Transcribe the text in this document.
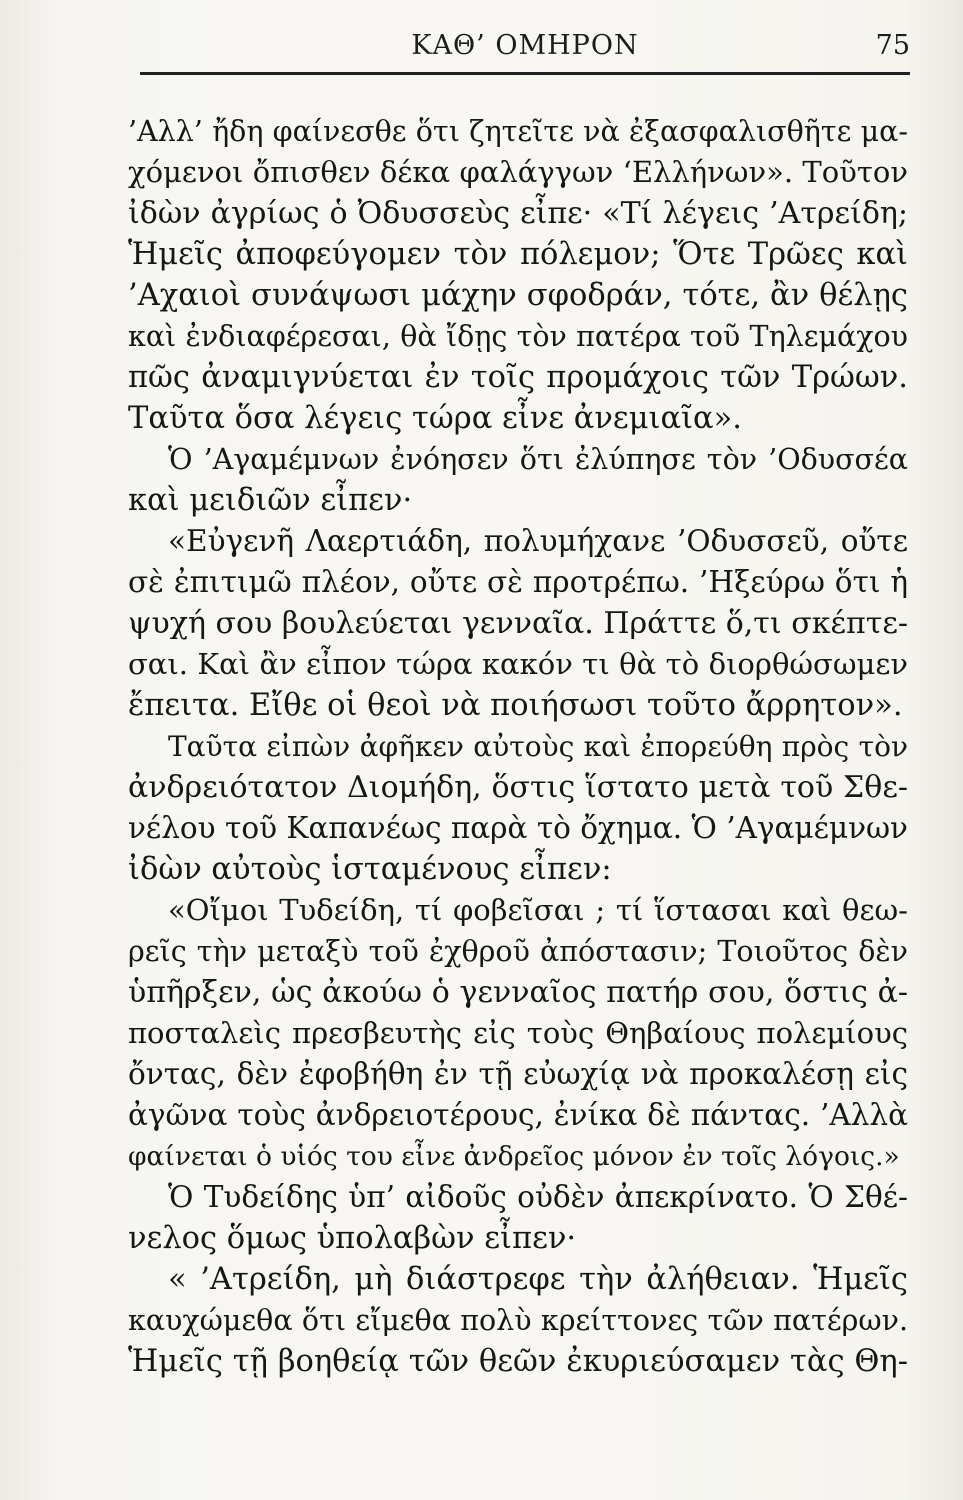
ΚΑΘ’ ΟΜΗΡΟΝ	75
’Αλλ’ ἤδη φαίνεσθε ὅτι ζητεῖτε νὰ ἐξασφαλισθῆτε μα-
χόμενοι ὄπισθεν δέκα φαλάγγων ‘Ελλήνων». Τοῦτον
ἰδὼν ἀγρίως ὁ Ὀδυσσεὺς εἶπε· «Τί λέγεις ’Ατρείδη;
Ἡμεῖς ἀποφεύγομεν τὸν πόλεμον; Ὅτε Τρῶες καὶ
’Αχαιοὶ συνάψωσι μάχην σφοδράν, τότε, ἂν θέλῃς
καὶ ἐνδιαφέρεσαι, θὰ ἴδῃς τὸν πατέρα τοῦ Τηλεμάχου
πῶς ἀναμιγνύεται ἐν τοῖς προμάχοις τῶν Τρώων.
Ταῦτα ὅσα λέγεις τώρα εἶνε ἀνεμιαῖα».
Ὁ ’Αγαμέμνων ἐνόησεν ὅτι ἐλύπησε τὸν ’Οδυσσέα
καὶ μειδιῶν εἶπεν·
«Εὐγενῆ Λαερτιάδη, πολυμήχανε ’Οδυσσεῦ, οὔτε
σὲ ἐπιτιμῶ πλέον, οὔτε σὲ προτρέπω. ’Ηξεύρω ὅτι ἡ
ψυχή σου βουλεύεται γενναῖα. Πράττε ὅ,τι σκέπτε-
σαι. Καὶ ἂν εἶπον τώρα κακόν τι θὰ τὸ διορθώσωμεν
ἔπειτα. Εἴθε οἱ θεοὶ νὰ ποιήσωσι τοῦτο ἄρρητον».
Ταῦτα εἰπὼν ἀφῆκεν αὐτοὺς καὶ ἐπορεύθη πρὸς τὸν
ἀνδρειότατον Διομήδη, ὅστις ἵστατο μετὰ τοῦ Σθε-
νέλου τοῦ Καπανέως παρὰ τὸ ὄχημα. Ὁ ’Αγαμέμνων
ἰδὼν αὐτοὺς ἱσταμένους εἶπεν:
«Οἴμοι Τυδείδη, τί φοβεῖσαι ; τί ἵστασαι καὶ θεω-
ρεῖς τὴν μεταξὺ τοῦ ἐχθροῦ ἀπόστασιν; Τοιοῦτος δὲν
ὑπῆρξεν, ὡς ἀκούω ὁ γενναῖος πατήρ σου, ὅστις ἀ-
ποσταλεὶς πρεσβευτὴς εἰς τοὺς Θηβαίους πολεμίους
ὄντας, δὲν ἐφοβήθη ἐν τῇ εὐωχίᾳ νὰ προκαλέσῃ εἰς
ἀγῶνα τοὺς ἀνδρειοτέρους, ἐνίκα δὲ πάντας. ’Αλλὰ
φαίνεται ὁ υἱός του εἶνε ἀνδρεῖος μόνον ἐν τοῖς λόγοις.»
Ὁ Τυδείδης ὑπ’ αἰδοῦς οὐδὲν ἀπεκρίνατο. Ὁ Σθέ-
νελος ὅμως ὑπολαβὼν εἶπεν·
« ’Ατρείδη, μὴ διάστρεφε τὴν ἀλήθειαν. Ἡμεῖς
καυχώμεθα ὅτι εἴμεθα πολὺ κρείττονες τῶν πατέρων.
Ἡμεῖς τῇ βοηθείᾳ τῶν θεῶν ἐκυριεύσαμεν τὰς Θη-
